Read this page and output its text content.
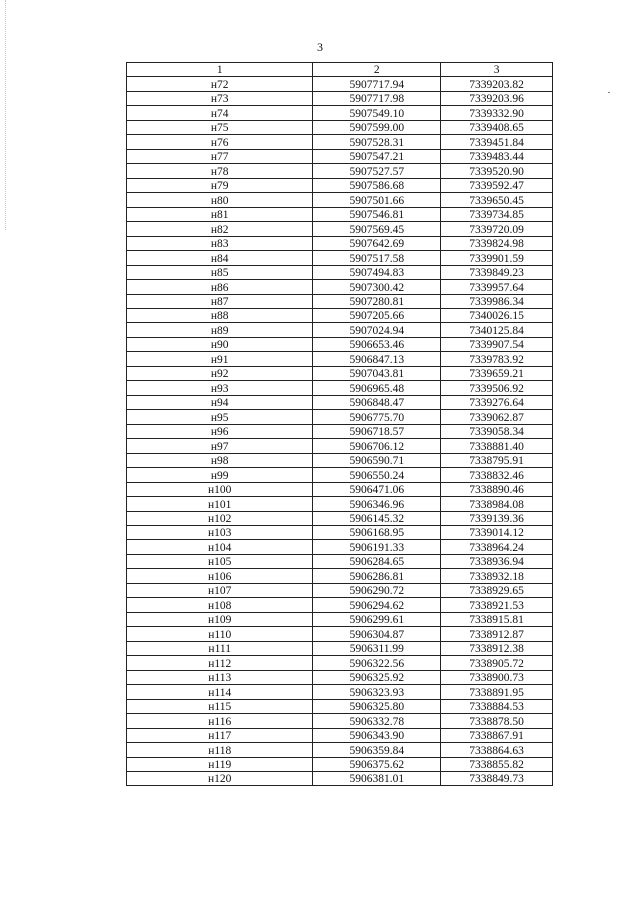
3
1	2	3
н72	5907717.94	7339203.82
н73	5907717.98	7339203.96
н74	5907549.10	7339332.90
н75	5907599.00	7339408.65
н76	5907528.31	7339451.84
н77	5907547.21	7339483.44
н78	5907527.57	7339520.90
н79	5907586.68	7339592.47
н80	5907501.66	7339650.45
н81	5907546.81	7339734.85
н82	5907569.45	7339720.09
н83	5907642.69	7339824.98
н84	5907517.58	7339901.59
н85	5907494.83	7339849.23
н86	5907300.42	7339957.64
н87	5907280.81	7339986.34
н88	5907205.66	7340026.15
н89	5907024.94	7340125.84
н90	5906653.46	7339907.54
н91	5906847.13	7339783.92
н92	5907043.81	7339659.21
н93	5906965.48	7339506.92
н94	5906848.47	7339276.64
н95	5906775.70	7339062.87
н96	5906718.57	7339058.34
н97	5906706.12	7338881.40
н98	5906590.71	7338795.91
н99	5906550.24	7338832.46
н100	5906471.06	7338890.46
н101	5906346.96	7338984.08
н102	5906145.32	7339139.36
н103	5906168.95	7339014.12
н104	5906191.33	7338964.24
н105	5906284.65	7338936.94
н106	5906286.81	7338932.18
н107	5906290.72	7338929.65
н108	5906294.62	7338921.53
н109	5906299.61	7338915.81
н110	5906304.87	7338912.87
н111	5906311.99	7338912.38
н112	5906322.56	7338905.72
н113	5906325.92	7338900.73
н114	5906323.93	7338891.95
н115	5906325.80	7338884.53
н116	5906332.78	7338878.50
н117	5906343.90	7338867.91
н118	5906359.84	7338864.63
н119	5906375.62	7338855.82
н120	5906381.01	7338849.73
